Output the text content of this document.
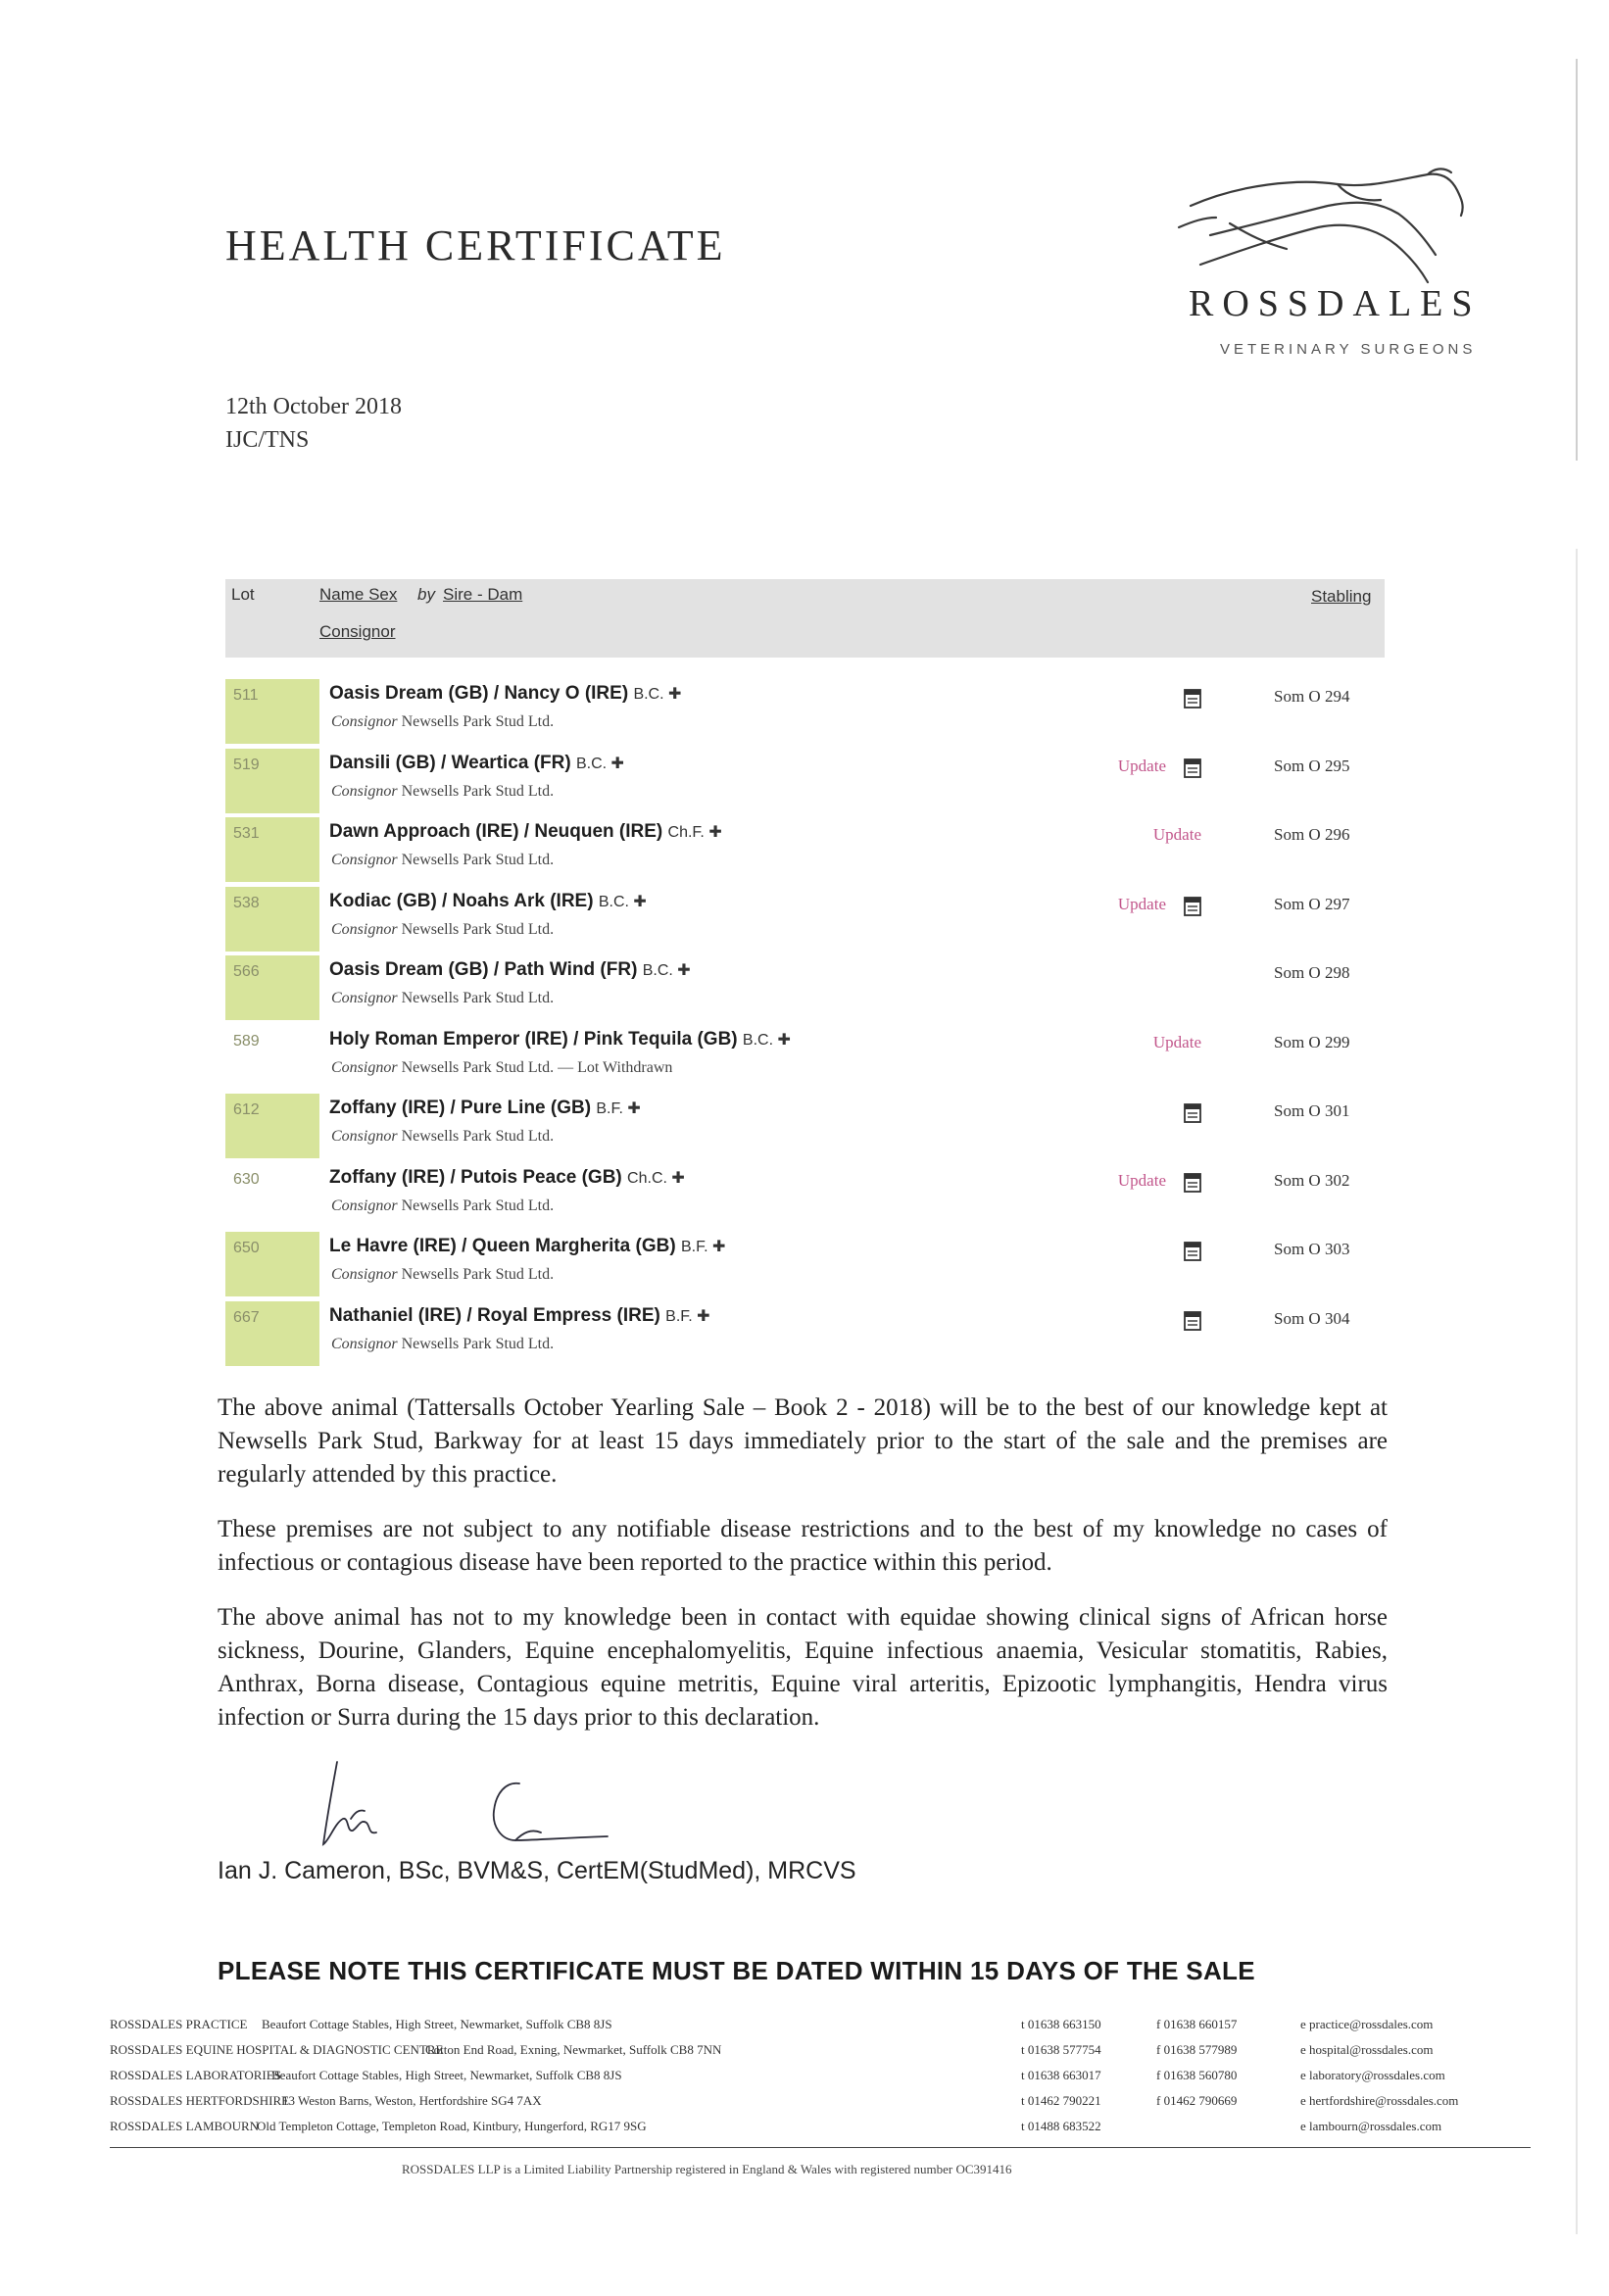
HEALTH CERTIFICATE
ROSSDALES
VETERINARY SURGEONS
12th October 2018
IJC/TNS
Lot	Name Sex by Sire - Dam
Consignor
Stabling
511	Oasis Dream (GB) / Nancy O (IRE) B.C. ✚
Consignor Newsells Park Stud Ltd.
Som O 294
519	Dansili (GB) / Weartica (FR) B.C. ✚
Consignor Newsells Park Stud Ltd.
Update	Som O 295
531	Dawn Approach (IRE) / Neuquen (IRE) Ch.F. ✚
Consignor Newsells Park Stud Ltd.
Update	Som O 296
538	Kodiac (GB) / Noahs Ark (IRE) B.C. ✚
Consignor Newsells Park Stud Ltd.
Update	Som O 297
566	Oasis Dream (GB) / Path Wind (FR) B.C. ✚
Consignor Newsells Park Stud Ltd.
Som O 298
589	Holy Roman Emperor (IRE) / Pink Tequila (GB) B.C. ✚
Consignor Newsells Park Stud Ltd. — Lot Withdrawn
Update	Som O 299
612	Zoffany (IRE) / Pure Line (GB) B.F. ✚
Consignor Newsells Park Stud Ltd.
Som O 301
630	Zoffany (IRE) / Putois Peace (GB) Ch.C. ✚
Consignor Newsells Park Stud Ltd.
Update	Som O 302
650	Le Havre (IRE) / Queen Margherita (GB) B.F. ✚
Consignor Newsells Park Stud Ltd.
Som O 303
667	Nathaniel (IRE) / Royal Empress (IRE) B.F. ✚
Consignor Newsells Park Stud Ltd.
Som O 304
The above animal (Tattersalls October Yearling Sale – Book 2 - 2018) will be to the best of our knowledge kept at Newsells Park Stud, Barkway for at least 15 days immediately prior to the start of the sale and the premises are regularly attended by this practice.
These premises are not subject to any notifiable disease restrictions and to the best of my knowledge no cases of infectious or contagious disease have been reported to the practice within this period.
The above animal has not to my knowledge been in contact with equidae showing clinical signs of African horse sickness, Dourine, Glanders, Equine encephalomyelitis, Equine infectious anaemia, Vesicular stomatitis, Rabies, Anthrax, Borna disease, Contagious equine metritis, Equine viral arteritis, Epizootic lymphangitis, Hendra virus infection or Surra during the 15 days prior to this declaration.
Ian J. Cameron, BSc, BVM&S, CertEM(StudMed), MRCVS
PLEASE NOTE THIS CERTIFICATE MUST BE DATED WITHIN 15 DAYS OF THE SALE
ROSSDALES PRACTICE Beaufort Cottage Stables, High Street, Newmarket, Suffolk CB8 8JS	t 01638 663150	f 01638 660157	e practice@rossdales.com
ROSSDALES EQUINE HOSPITAL & DIAGNOSTIC CENTRE
Cotton End Road, Exning, Newmarket, Suffolk CB8 7NN	t 01638 577754	f 01638 577989	e hospital@rossdales.com
ROSSDALES LABORATORIES
Beaufort Cottage Stables, High Street, Newmarket, Suffolk CB8 8JS	t 01638 663017	f 01638 560780	e laboratory@rossdales.com
ROSSDALES HERTFORDSHIRE
13 Weston Barns, Weston, Hertfordshire SG4 7AX	t 01462 790221	f 01462 790669	e hertfordshire@rossdales.com
ROSSDALES LAMBOURN
Old Templeton Cottage, Templeton Road, Kintbury, Hungerford, RG17 9SG	t 01488 683522	e lambourn@rossdales.com
ROSSDALES LLP is a Limited Liability Partnership registered in England & Wales with registered number OC391416
